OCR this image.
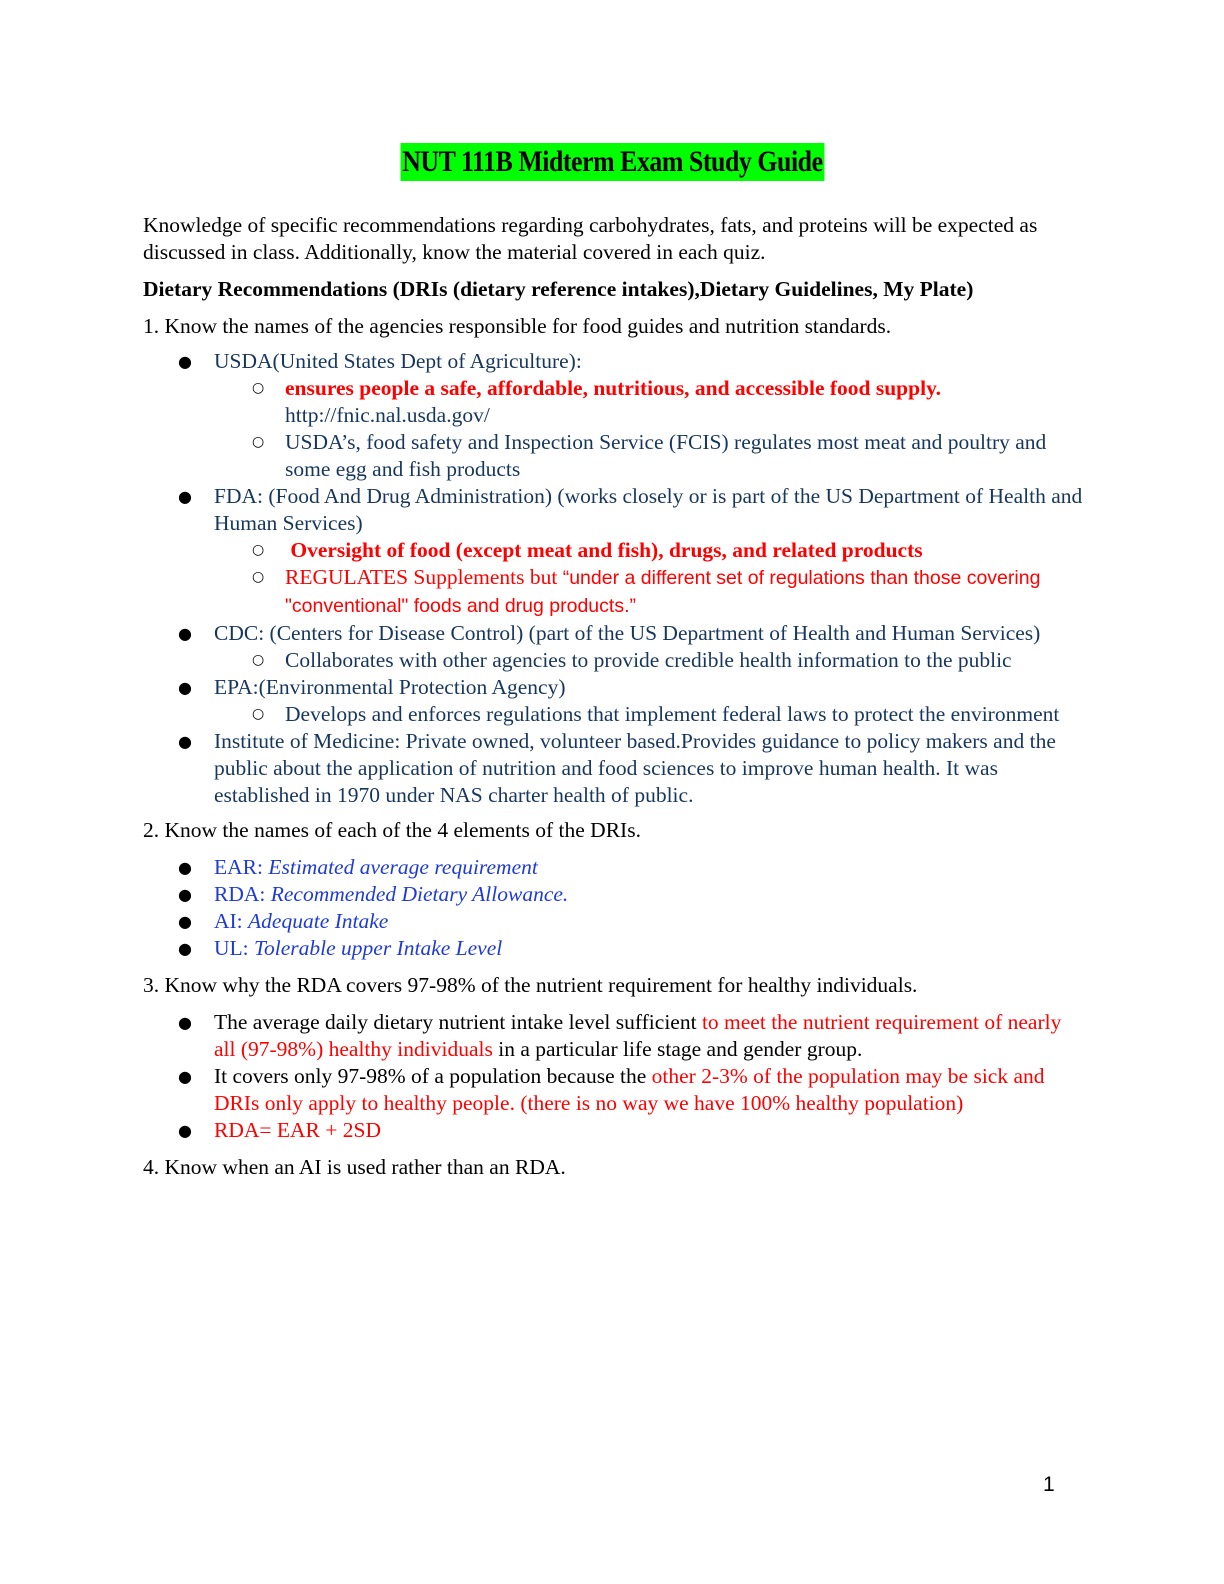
NUT 111B Midterm Exam Study Guide

Knowledge of specific recommendations regarding carbohydrates, fats, and proteins will be expected as discussed in class. Additionally, know the material covered in each quiz.

Dietary Recommendations (DRIs (dietary reference intakes),Dietary Guidelines, My Plate)

1. Know the names of the agencies responsible for food guides and nutrition standards.

● USDA(United States Dept of Agriculture):
○ ensures people a safe, affordable, nutritious, and accessible food supply.
http://fnic.nal.usda.gov/
○ USDA’s, food safety and Inspection Service (FCIS) regulates most meat and poultry and some egg and fish products
● FDA: (Food And Drug Administration) (works closely or is part of the US Department of Health and Human Services)
○ Oversight of food (except meat and fish), drugs, and related products
○ REGULATES Supplements but “under a different set of regulations than those covering "conventional" foods and drug products.”
● CDC: (Centers for Disease Control) (part of the US Department of Health and Human Services)
○ Collaborates with other agencies to provide credible health information to the public
● EPA:(Environmental Protection Agency)
○ Develops and enforces regulations that implement federal laws to protect the environment
● Institute of Medicine: Private owned, volunteer based.Provides guidance to policy makers and the public about the application of nutrition and food sciences to improve human health. It was established in 1970 under NAS charter health of public.

2. Know the names of each of the 4 elements of the DRIs.

● EAR: Estimated average requirement
● RDA: Recommended Dietary Allowance.
● AI: Adequate Intake
● UL: Tolerable upper Intake Level

3. Know why the RDA covers 97-98% of the nutrient requirement for healthy individuals.

● The average daily dietary nutrient intake level sufficient to meet the nutrient requirement of nearly all (97-98%) healthy individuals in a particular life stage and gender group.
● It covers only 97-98% of a population because the other 2-3% of the population may be sick and DRIs only apply to healthy people. (there is no way we have 100% healthy population)
● RDA= EAR + 2SD

4. Know when an AI is used rather than an RDA.

1
